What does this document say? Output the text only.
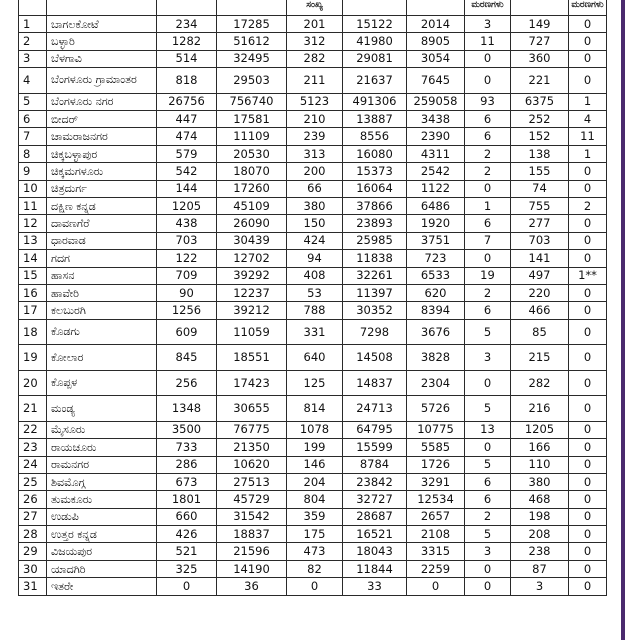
				ಸಂಖ್ಯ			ಮರಣಗಳು		ಮರಣಗಳು
1	ಬಾಗಲಕೋಟೆ	234	17285	201	15122	2014	3	149	0
2	ಬಳ್ಳಾರಿ	1282	51612	312	41980	8905	11	727	0
3	ಬೆಳಗಾವಿ	514	32495	282	29081	3054	0	360	0
4	ಬೆಂಗಳೂರು ಗ್ರಾಮಾಂತರ	818	29503	211	21637	7645	0	221	0
5	ಬೆಂಗಳೂರು ನಗರ	26756	756740	5123	491306	259058	93	6375	1
6	ಬೀದರ್	447	17581	210	13887	3438	6	252	4
7	ಚಾಮರಾಜನಗರ	474	11109	239	8556	2390	6	152	11
8	ಚಿಕ್ಕಬಳ್ಳಾಪುರ	579	20530	313	16080	4311	2	138	1
9	ಚಿಕ್ಕಮಗಳೂರು	542	18070	200	15373	2542	2	155	0
10	ಚಿತ್ರದುರ್ಗ	144	17260	66	16064	1122	0	74	0
11	ದಕ್ಷಿಣ ಕನ್ನಡ	1205	45109	380	37866	6486	1	755	2
12	ದಾವಣಗೆರೆ	438	26090	150	23893	1920	6	277	0
13	ಧಾರವಾಡ	703	30439	424	25985	3751	7	703	0
14	ಗದಗ	122	12702	94	11838	723	0	141	0
15	ಹಾಸನ	709	39292	408	32261	6533	19	497	1**
16	ಹಾವೇರಿ	90	12237	53	11397	620	2	220	0
17	ಕಲಬುರಗಿ	1256	39212	788	30352	8394	6	466	0
18	ಕೊಡಗು	609	11059	331	7298	3676	5	85	0
19	ಕೋಲಾರ	845	18551	640	14508	3828	3	215	0
20	ಕೊಪ್ಪಳ	256	17423	125	14837	2304	0	282	0
21	ಮಂಡ್ಯ	1348	30655	814	24713	5726	5	216	0
22	ಮೈಸೂರು	3500	76775	1078	64795	10775	13	1205	0
23	ರಾಯಚೂರು	733	21350	199	15599	5585	0	166	0
24	ರಾಮನಗರ	286	10620	146	8784	1726	5	110	0
25	ಶಿವಮೊಗ್ಗ	673	27513	204	23842	3291	6	380	0
26	ತುಮಕೂರು	1801	45729	804	32727	12534	6	468	0
27	ಉಡುಪಿ	660	31542	359	28687	2657	2	198	0
28	ಉತ್ತರ ಕನ್ನಡ	426	18837	175	16521	2108	5	208	0
29	ವಿಜಯಪುರ	521	21596	473	18043	3315	3	238	0
30	ಯಾದಗಿರಿ	325	14190	82	11844	2259	0	87	0
31	ಇತರೇ	0	36	0	33	0	0	3	0
